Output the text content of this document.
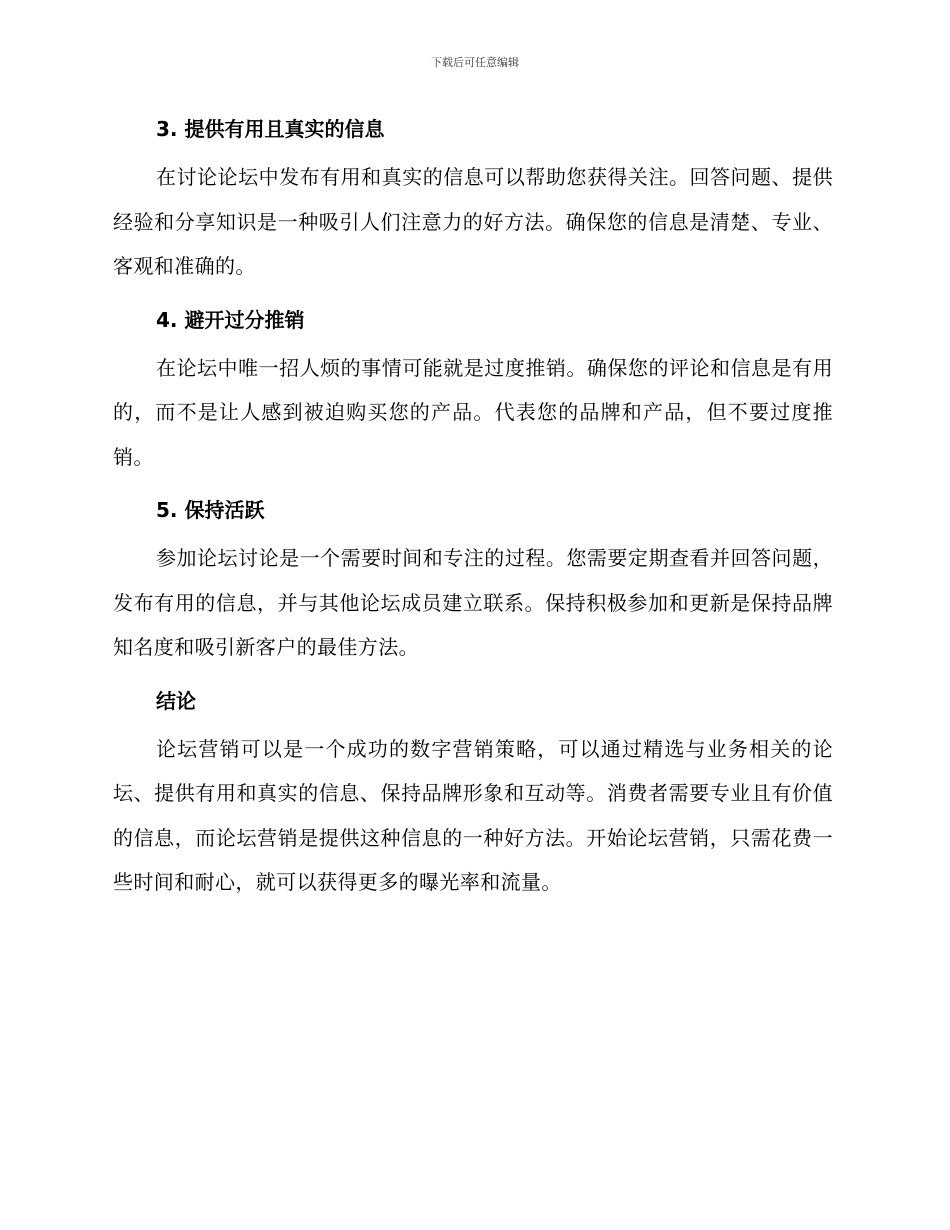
下载后可任意编辑
3. 提供有用且真实的信息

在讨论论坛中发布有用和真实的信息可以帮助您获得关注。回答问题、提供经验和分享知识是一种吸引人们注意力的好方法。确保您的信息是清楚、专业、客观和准确的。

4. 避开过分推销

在论坛中唯一招人烦的事情可能就是过度推销。确保您的评论和信息是有用的，而不是让人感到被迫购买您的产品。代表您的品牌和产品，但不要过度推销。

5. 保持活跃

参加论坛讨论是一个需要时间和专注的过程。您需要定期查看并回答问题，发布有用的信息，并与其他论坛成员建立联系。保持积极参加和更新是保持品牌知名度和吸引新客户的最佳方法。

结论

论坛营销可以是一个成功的数字营销策略，可以通过精选与业务相关的论坛、提供有用和真实的信息、保持品牌形象和互动等。消费者需要专业且有价值的信息，而论坛营销是提供这种信息的一种好方法。开始论坛营销，只需花费一些时间和耐心，就可以获得更多的曝光率和流量。
